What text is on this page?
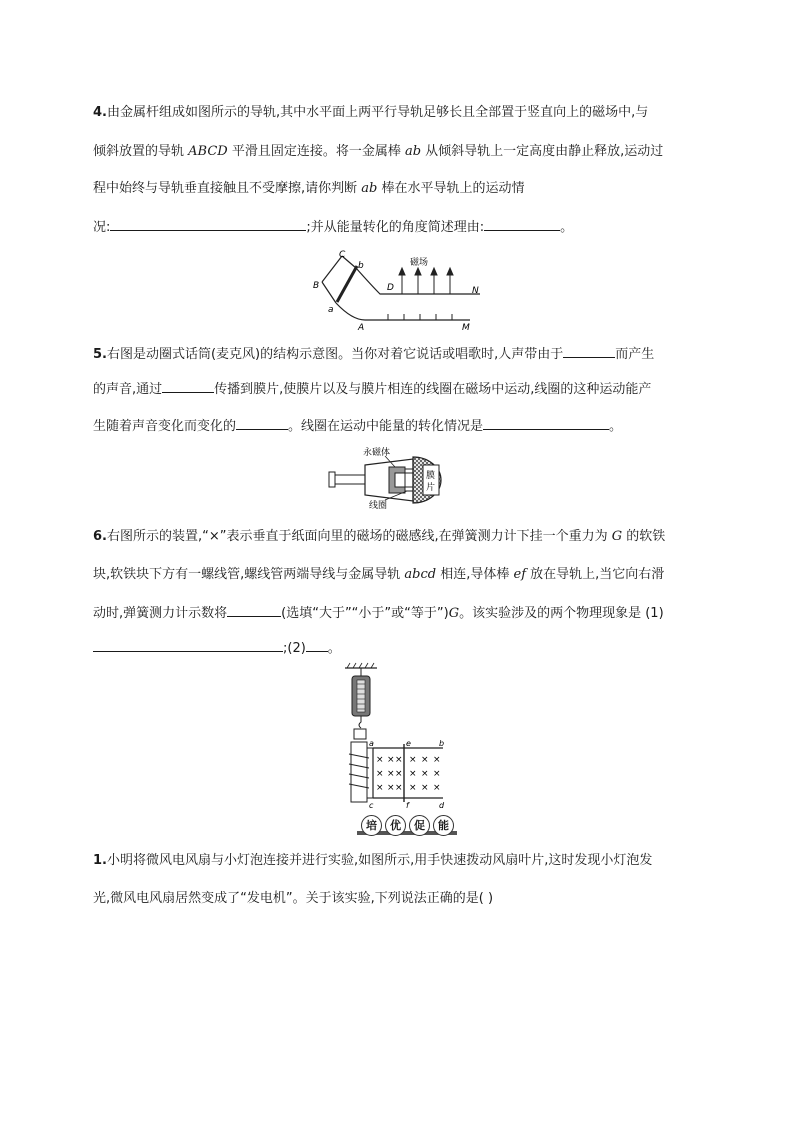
4.由金属杆组成如图所示的导轨,其中水平面上两平行导轨足够长且全部置于竖直向上的磁场中,与
倾斜放置的导轨 ABCD 平滑且固定连接。将一金属棒 ab 从倾斜导轨上一定高度由静止释放,运动过
程中始终与导轨垂直接触且不受摩擦,请你判断 ab 棒在水平导轨上的运动情
况:	;并从能量转化的角度简述理由:	。
磁场
C
b
B
a
D	N
A	M
5.右图是动圈式话筒(麦克风)的结构示意图。当你对着它说话或唱歌时,人声带由于	而产生
的声音,通过	传播到膜片,使膜片以及与膜片相连的线圈在磁场中运动,线圈的这种运动能产
生随着声音变化而变化的	。线圈在运动中能量的转化情况是	。
膜
片
永磁体
线圈
6.右图所示的装置,“×”表示垂直于纸面向里的磁场的磁感线,在弹簧测力计下挂一个重力为 G 的软铁
块,软铁块下方有一螺线管,螺线管两端导线与金属导轨 abcd 相连,导体棒 ef 放在导轨上,当它向右滑
动时,弹簧测力计示数将	(选填“大于”“小于”或“等于”)G。该实验涉及的两个物理现象是 (1)
;(2) 。
× × × × × ×
× × × × × ×
× × × × × ×
a	e	b
c	f	d
培	优	促	能
1.小明将微风电风扇与小灯泡连接并进行实验,如图所示,用手快速拨动风扇叶片,这时发现小灯泡发
光,微风电风扇居然变成了“发电机”。关于该实验,下列说法正确的是( )
